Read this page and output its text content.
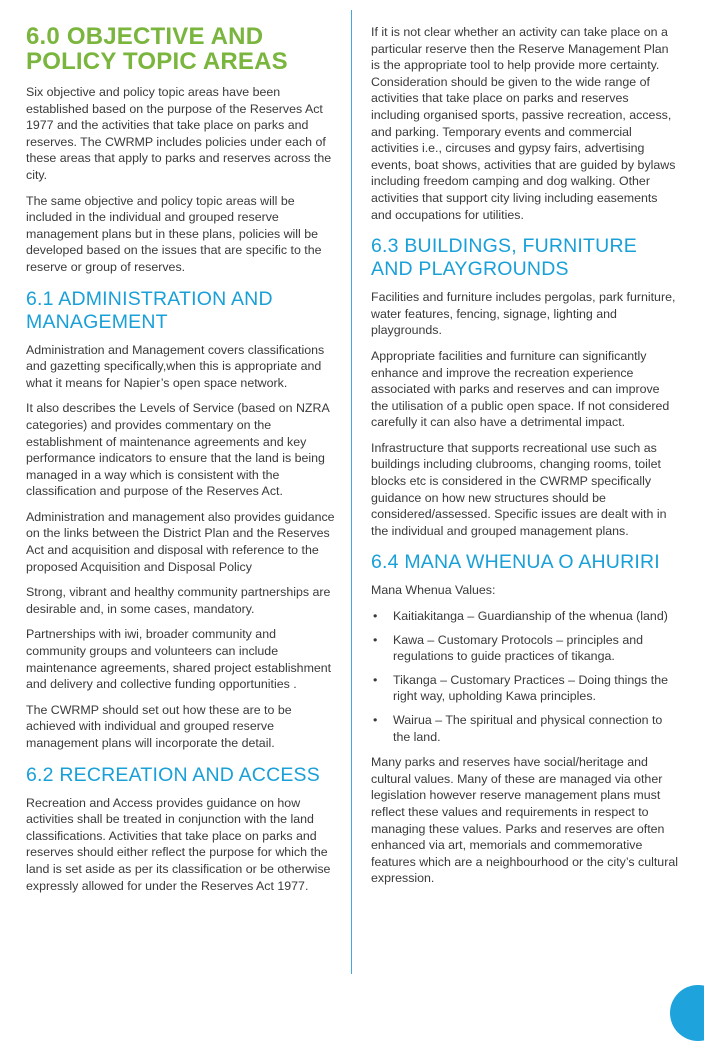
6.0 OBJECTIVE AND POLICY TOPIC AREAS

Six objective and policy topic areas have been established based on the purpose of the Reserves Act 1977 and the activities that take place on parks and reserves. The CWRMP includes policies under each of these areas that apply to parks and reserves across the city.

The same objective and policy topic areas will be included in the individual and grouped reserve management plans but in these plans, policies will be developed based on the issues that are specific to the reserve or group of reserves.

6.1 ADMINISTRATION AND MANAGEMENT

Administration and Management covers classifications and gazetting specifically,when this is appropriate and what it means for Napier’s open space network.

It also describes the Levels of Service (based on NZRA categories) and provides commentary on the establishment of maintenance agreements and key performance indicators to ensure that the land is being managed in a way which is consistent with the classification and purpose of the Reserves Act.

Administration and management also provides guidance on the links between the District Plan and the Reserves Act and acquisition and disposal with reference to the proposed Acquisition and Disposal Policy

Strong, vibrant and healthy community partnerships are desirable and, in some cases, mandatory.

Partnerships with iwi, broader community and community groups and volunteers can include maintenance agreements, shared project establishment and delivery and collective funding opportunities .

The CWRMP should set out how these are to be achieved with individual and grouped reserve management plans will incorporate the detail.

6.2 RECREATION AND ACCESS

Recreation and Access provides guidance on how activities shall be treated in conjunction with the land classifications. Activities that take place on parks and reserves should either reflect the purpose for which the land is set aside as per its classification or be otherwise expressly allowed for under the Reserves Act 1977.

If it is not clear whether an activity can take place on a particular reserve then the Reserve Management Plan is the appropriate tool to help provide more certainty. Consideration should be given to the wide range of activities that take place on parks and reserves including organised sports, passive recreation, access, and parking. Temporary events and commercial activities i.e., circuses and gypsy fairs, advertising events, boat shows, activities that are guided by bylaws including freedom camping and dog walking. Other activities that support city living including easements and occupations for utilities.

6.3 BUILDINGS, FURNITURE AND PLAYGROUNDS

Facilities and furniture includes pergolas, park furniture, water features, fencing, signage, lighting and playgrounds.

Appropriate facilities and furniture can significantly enhance and improve the recreation experience associated with parks and reserves and can improve the utilisation of a public open space. If not considered carefully it can also have a detrimental impact.

Infrastructure that supports recreational use such as buildings including clubrooms, changing rooms, toilet blocks etc is considered in the CWRMP specifically guidance on how new structures should be considered/assessed. Specific issues are dealt with in the individual and grouped management plans.

6.4 MANA WHENUA O AHURIRI

Mana Whenua Values:

• Kaitiakitanga – Guardianship of the whenua (land)
• Kawa – Customary Protocols – principles and regulations to guide practices of tikanga.
• Tikanga – Customary Practices – Doing things the right way, upholding Kawa principles.
• Wairua – The spiritual and physical connection to the land.

Many parks and reserves have social/heritage and cultural values. Many of these are managed via other legislation however reserve management plans must reflect these values and requirements in respect to managing these values. Parks and reserves are often enhanced via art, memorials and commemorative features which are a neighbourhood or the city’s cultural expression.
